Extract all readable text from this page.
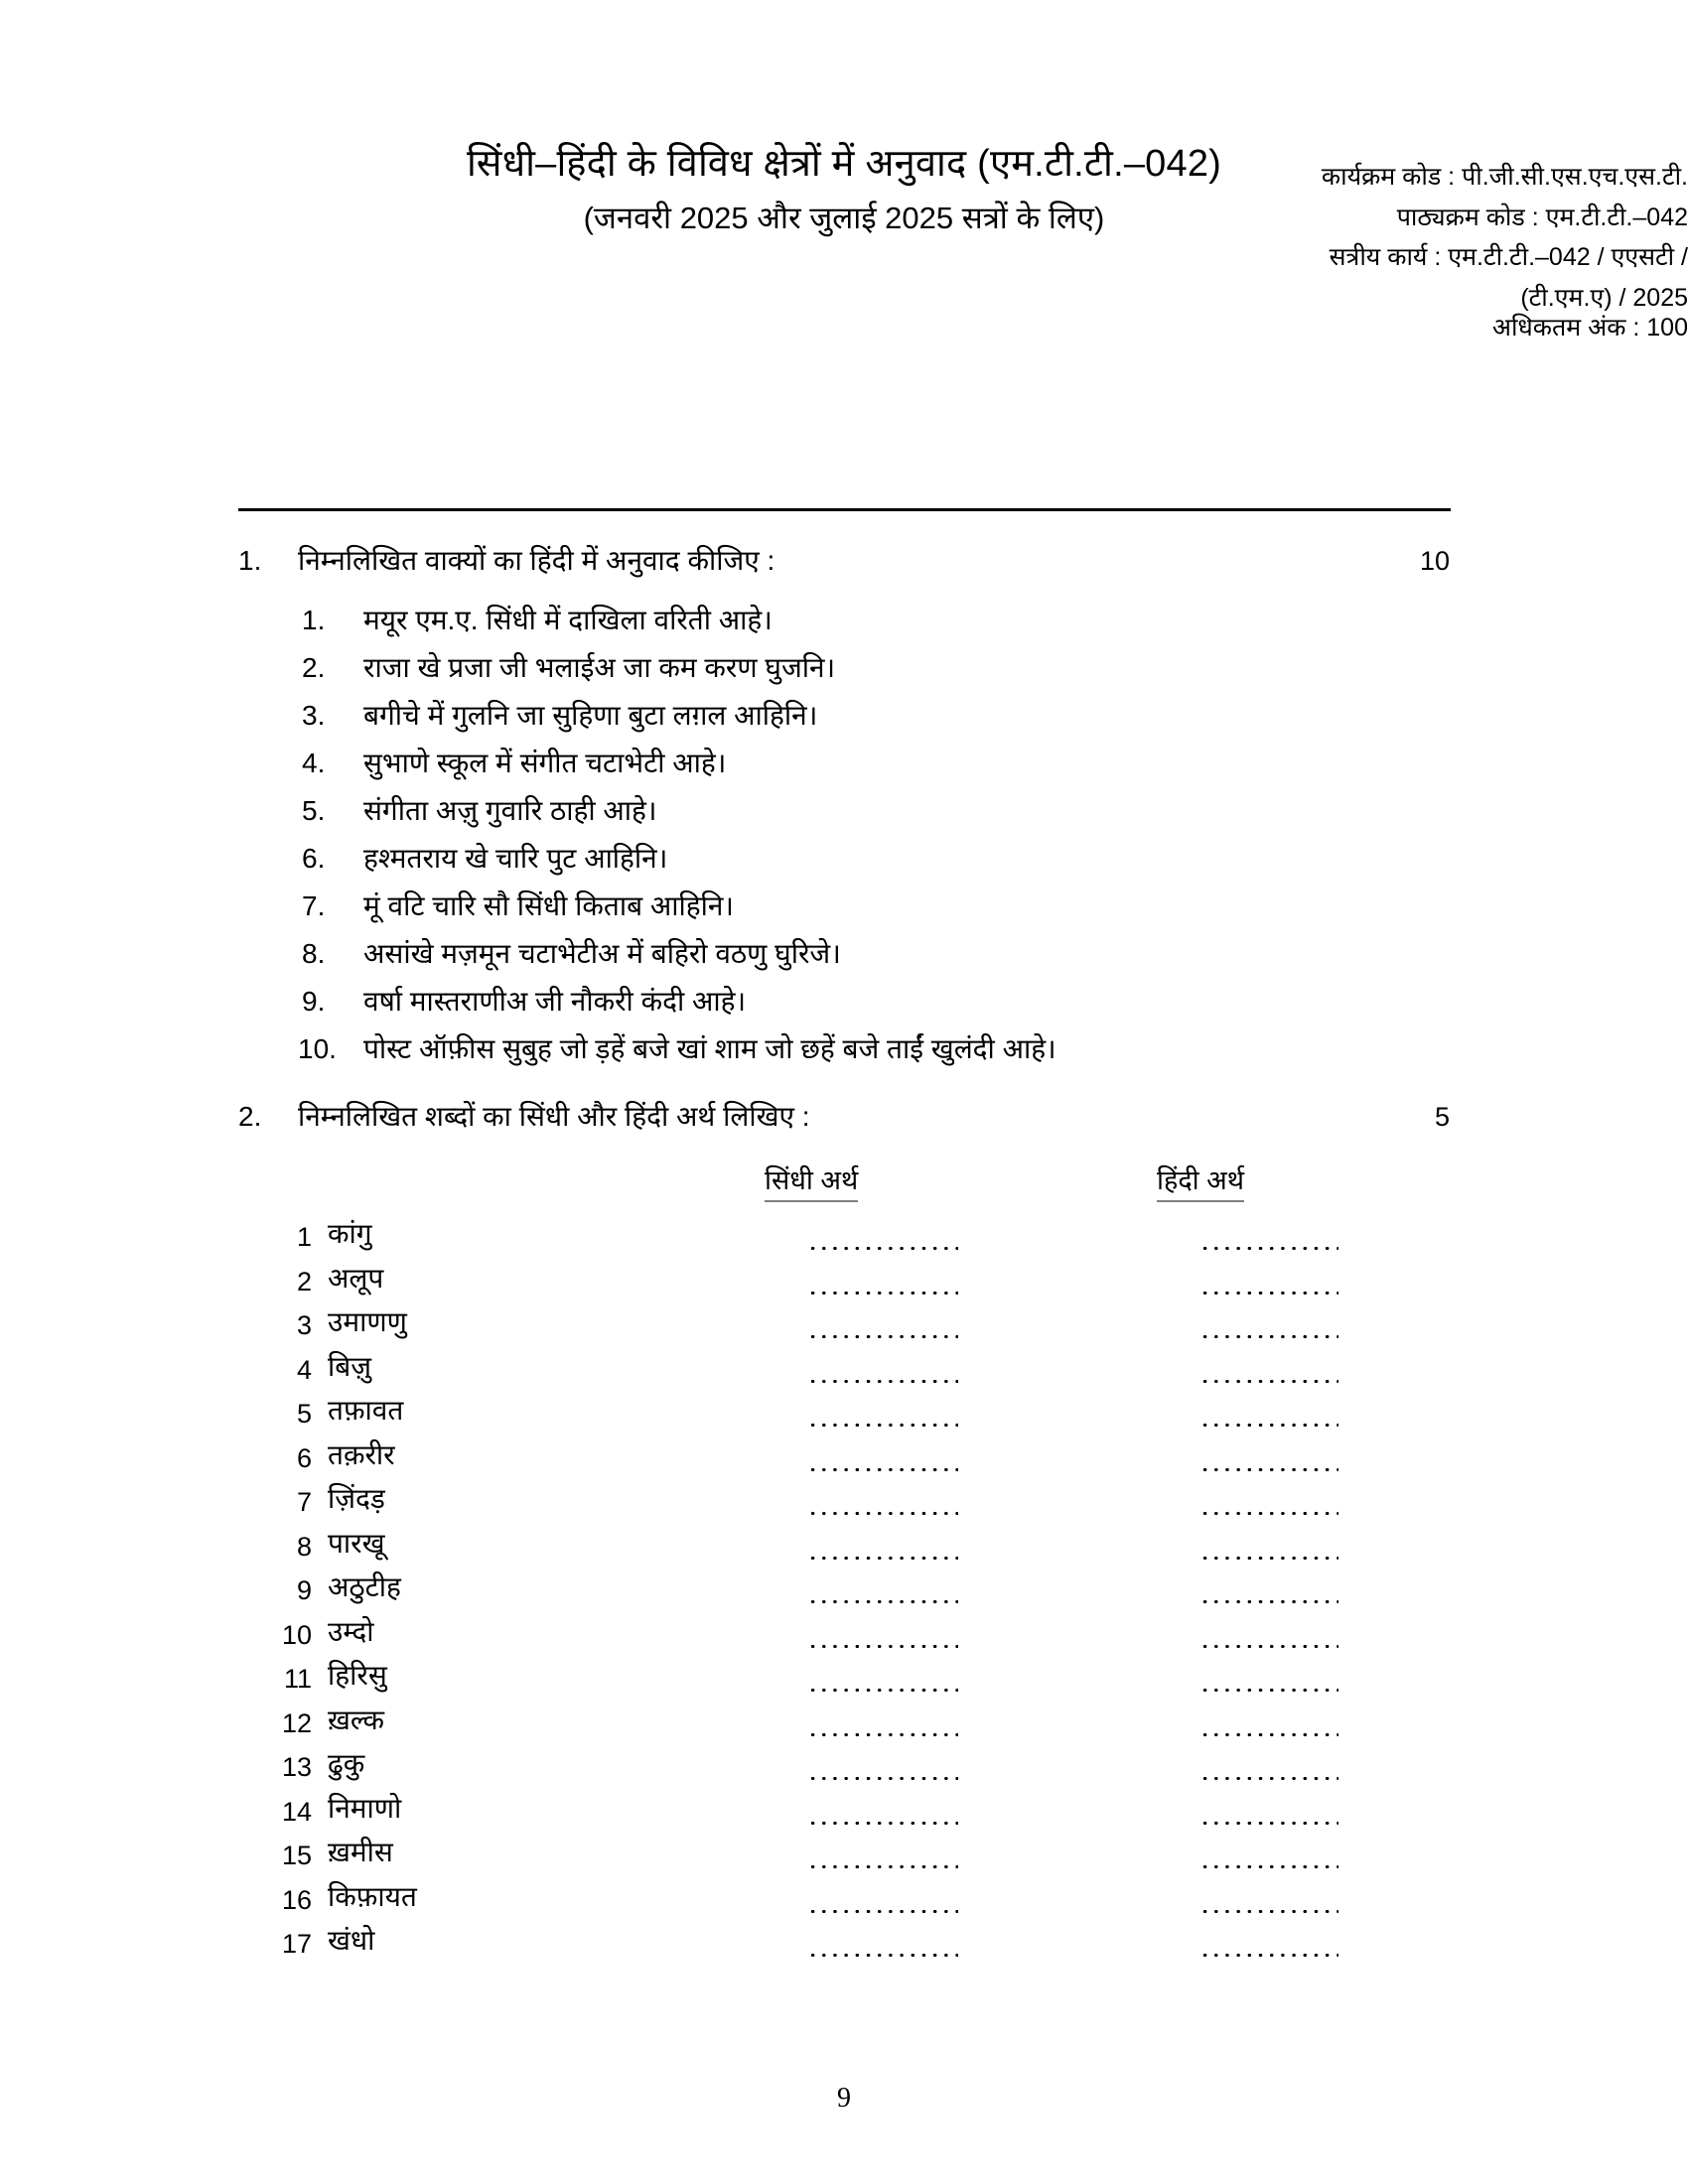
सिंधी–हिंदी के विविध क्षेत्रों में अनुवाद (एम.टी.टी.–042)
(जनवरी 2025 और जुलाई 2025 सत्रों के लिए)
कार्यक्रम कोड : पी.जी.सी.एस.एच.एस.टी.
पाठ्यक्रम कोड : एम.टी.टी.–042
सत्रीय कार्य : एम.टी.टी.–042 / एएसटी /
(टी.एम.ए) / 2025
अधिकतम अंक : 100
1.	निम्नलिखित वाक्यों का हिंदी में अनुवाद कीजिए :	10
1.	मयूर एम.ए. सिंधी में दाखिला वरिती आहे।
2.	राजा खे प्रजा जी भलाईअ जा कम करण घुजनि।
3.	बगीचे में गुलनि जा सुहिणा बुटा लग़ल आहिनि।
4.	सुभाणे स्कूल में संगीत चटाभेटी आहे।
5.	संगीता अज़ु गुवारि ठाही आहे।
6.	हश्मतराय खे चारि पुट आहिनि।
7.	मूं वटि चारि सौ सिंधी किताब आहिनि।
8.	असांखे मज़मून चटाभेटीअ में बहिरो वठणु घुरिजे।
9.	वर्षा मास्तराणीअ जी नौकरी कंदी आहे।
10. पोस्ट ऑफ़ीस सुबुह जो ड़हें बजे खां शाम जो छहें बजे ताईं खुलंदी आहे।
2.	निम्नलिखित शब्दों का सिंधी और हिंदी अर्थ लिखिए :	5
सिंधी अर्थ	हिंदी अर्थ
1 कांगु
2 अलूप
3 उमाणणु
4 बिज़ु
5 तफ़ावत
6 तक़रीर
7 ज़िंदड़
8 पारखू
9 अठुटीह
10 उम्दो
11 हिरिसु
12 ख़ल्क
13 ढुकु
14 निमाणो
15 ख़मीस
16 किफ़ायत
17 खंधो
9
